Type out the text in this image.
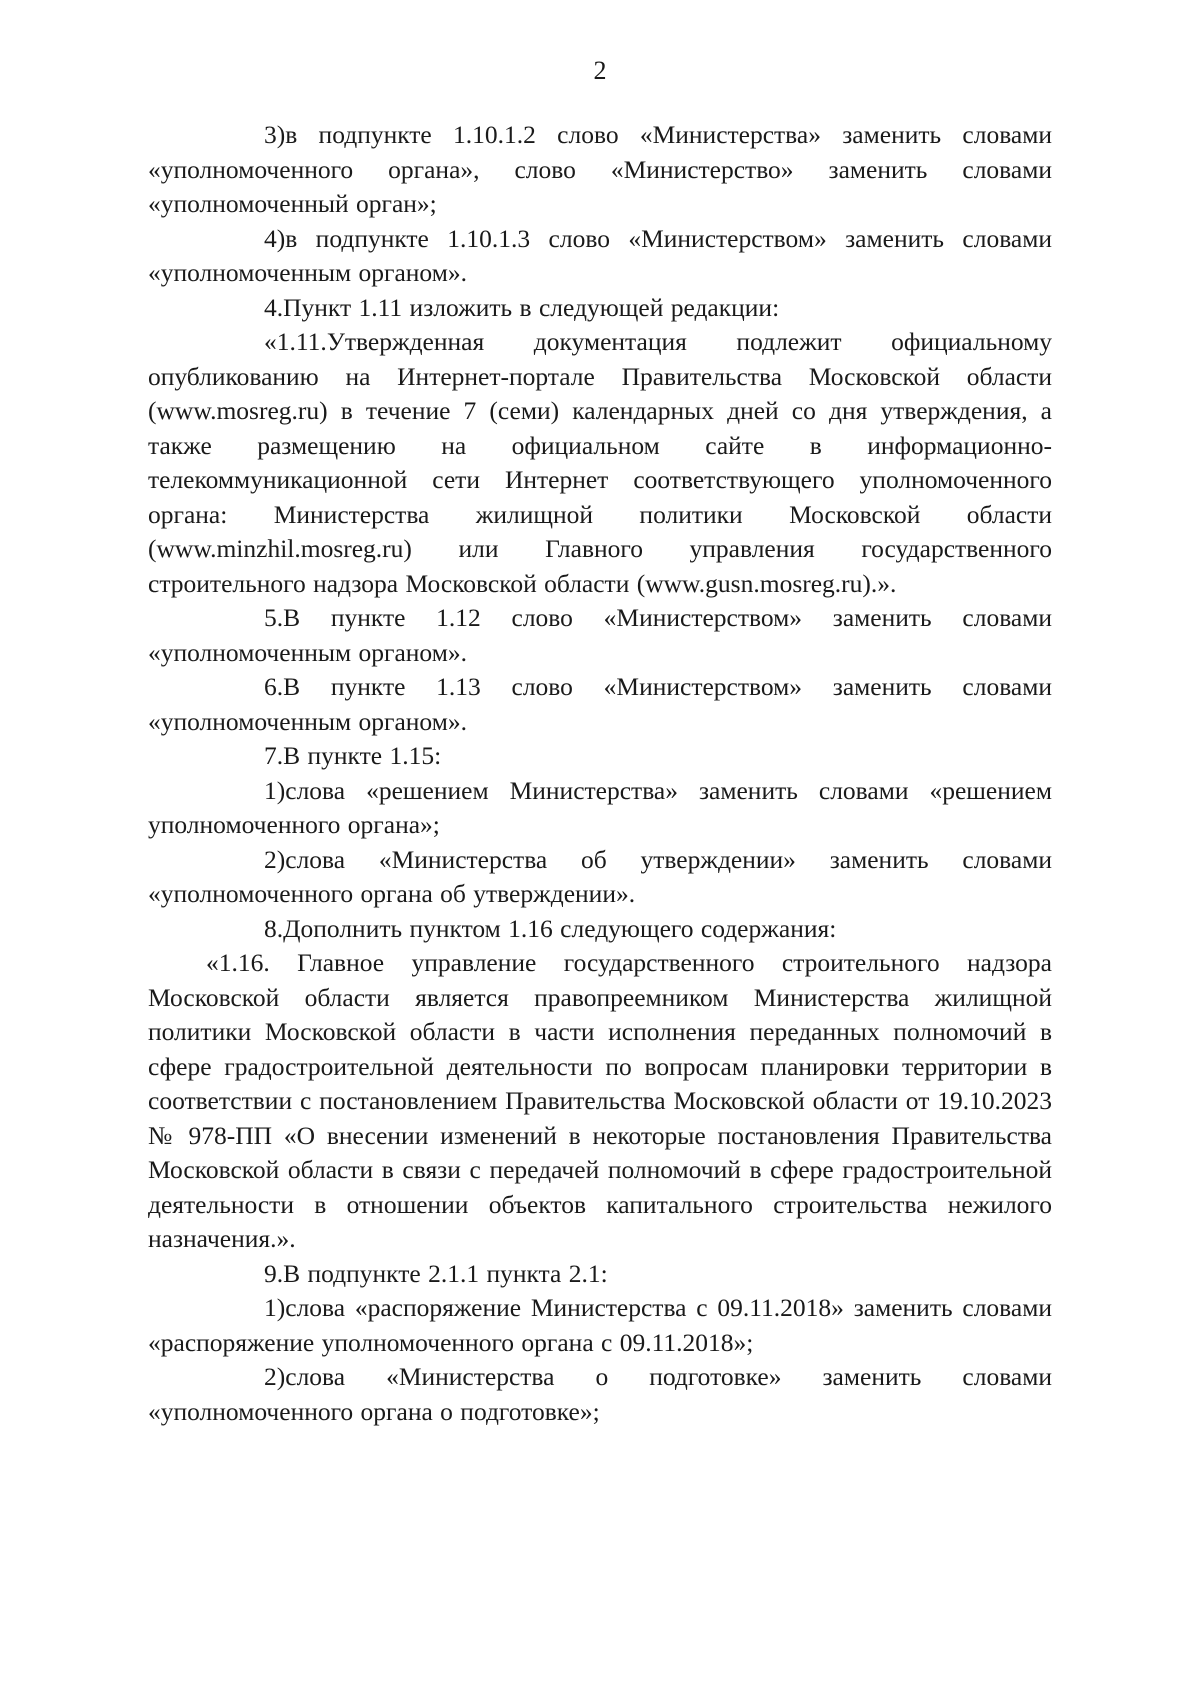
2

3)в подпункте 1.10.1.2 слово «Министерства» заменить словами «уполномоченного органа», слово «Министерство» заменить словами «уполномоченный орган»;

4)в подпункте 1.10.1.3 слово «Министерством» заменить словами «уполномоченным органом».

4.Пункт 1.11 изложить в следующей редакции:

«1.11.Утвержденная документация подлежит официальному опубликованию на Интернет-портале Правительства Московской области (www.mosreg.ru) в течение 7 (семи) календарных дней со дня утверждения, а также размещению на официальном сайте в информационно-телекоммуникационной сети Интернет соответствующего уполномоченного органа: Министерства жилищной политики Московской области (www.minzhil.mosreg.ru) или Главного управления государственного строительного надзора Московской области (www.gusn.mosreg.ru).».

5.В пункте 1.12 слово «Министерством» заменить словами «уполномоченным органом».

6.В пункте 1.13 слово «Министерством» заменить словами «уполномоченным органом».

7.В пункте 1.15:

1)слова «решением Министерства» заменить словами «решением уполномоченного органа»;

2)слова «Министерства об утверждении» заменить словами «уполномоченного органа об утверждении».

8.Дополнить пунктом 1.16 следующего содержания:

«1.16. Главное управление государственного строительного надзора Московской области является правопреемником Министерства жилищной политики Московской области в части исполнения переданных полномочий в сфере градостроительной деятельности по вопросам планировки территории в соответствии с постановлением Правительства Московской области от 19.10.2023 № 978-ПП «О внесении изменений в некоторые постановления Правительства Московской области в связи с передачей полномочий в сфере градостроительной деятельности в отношении объектов капитального строительства нежилого назначения.».

9.В подпункте 2.1.1 пункта 2.1:

1)слова «распоряжение Министерства с 09.11.2018» заменить словами «распоряжение уполномоченного органа с 09.11.2018»;

2)слова «Министерства о подготовке» заменить словами «уполномоченного органа о подготовке»;
